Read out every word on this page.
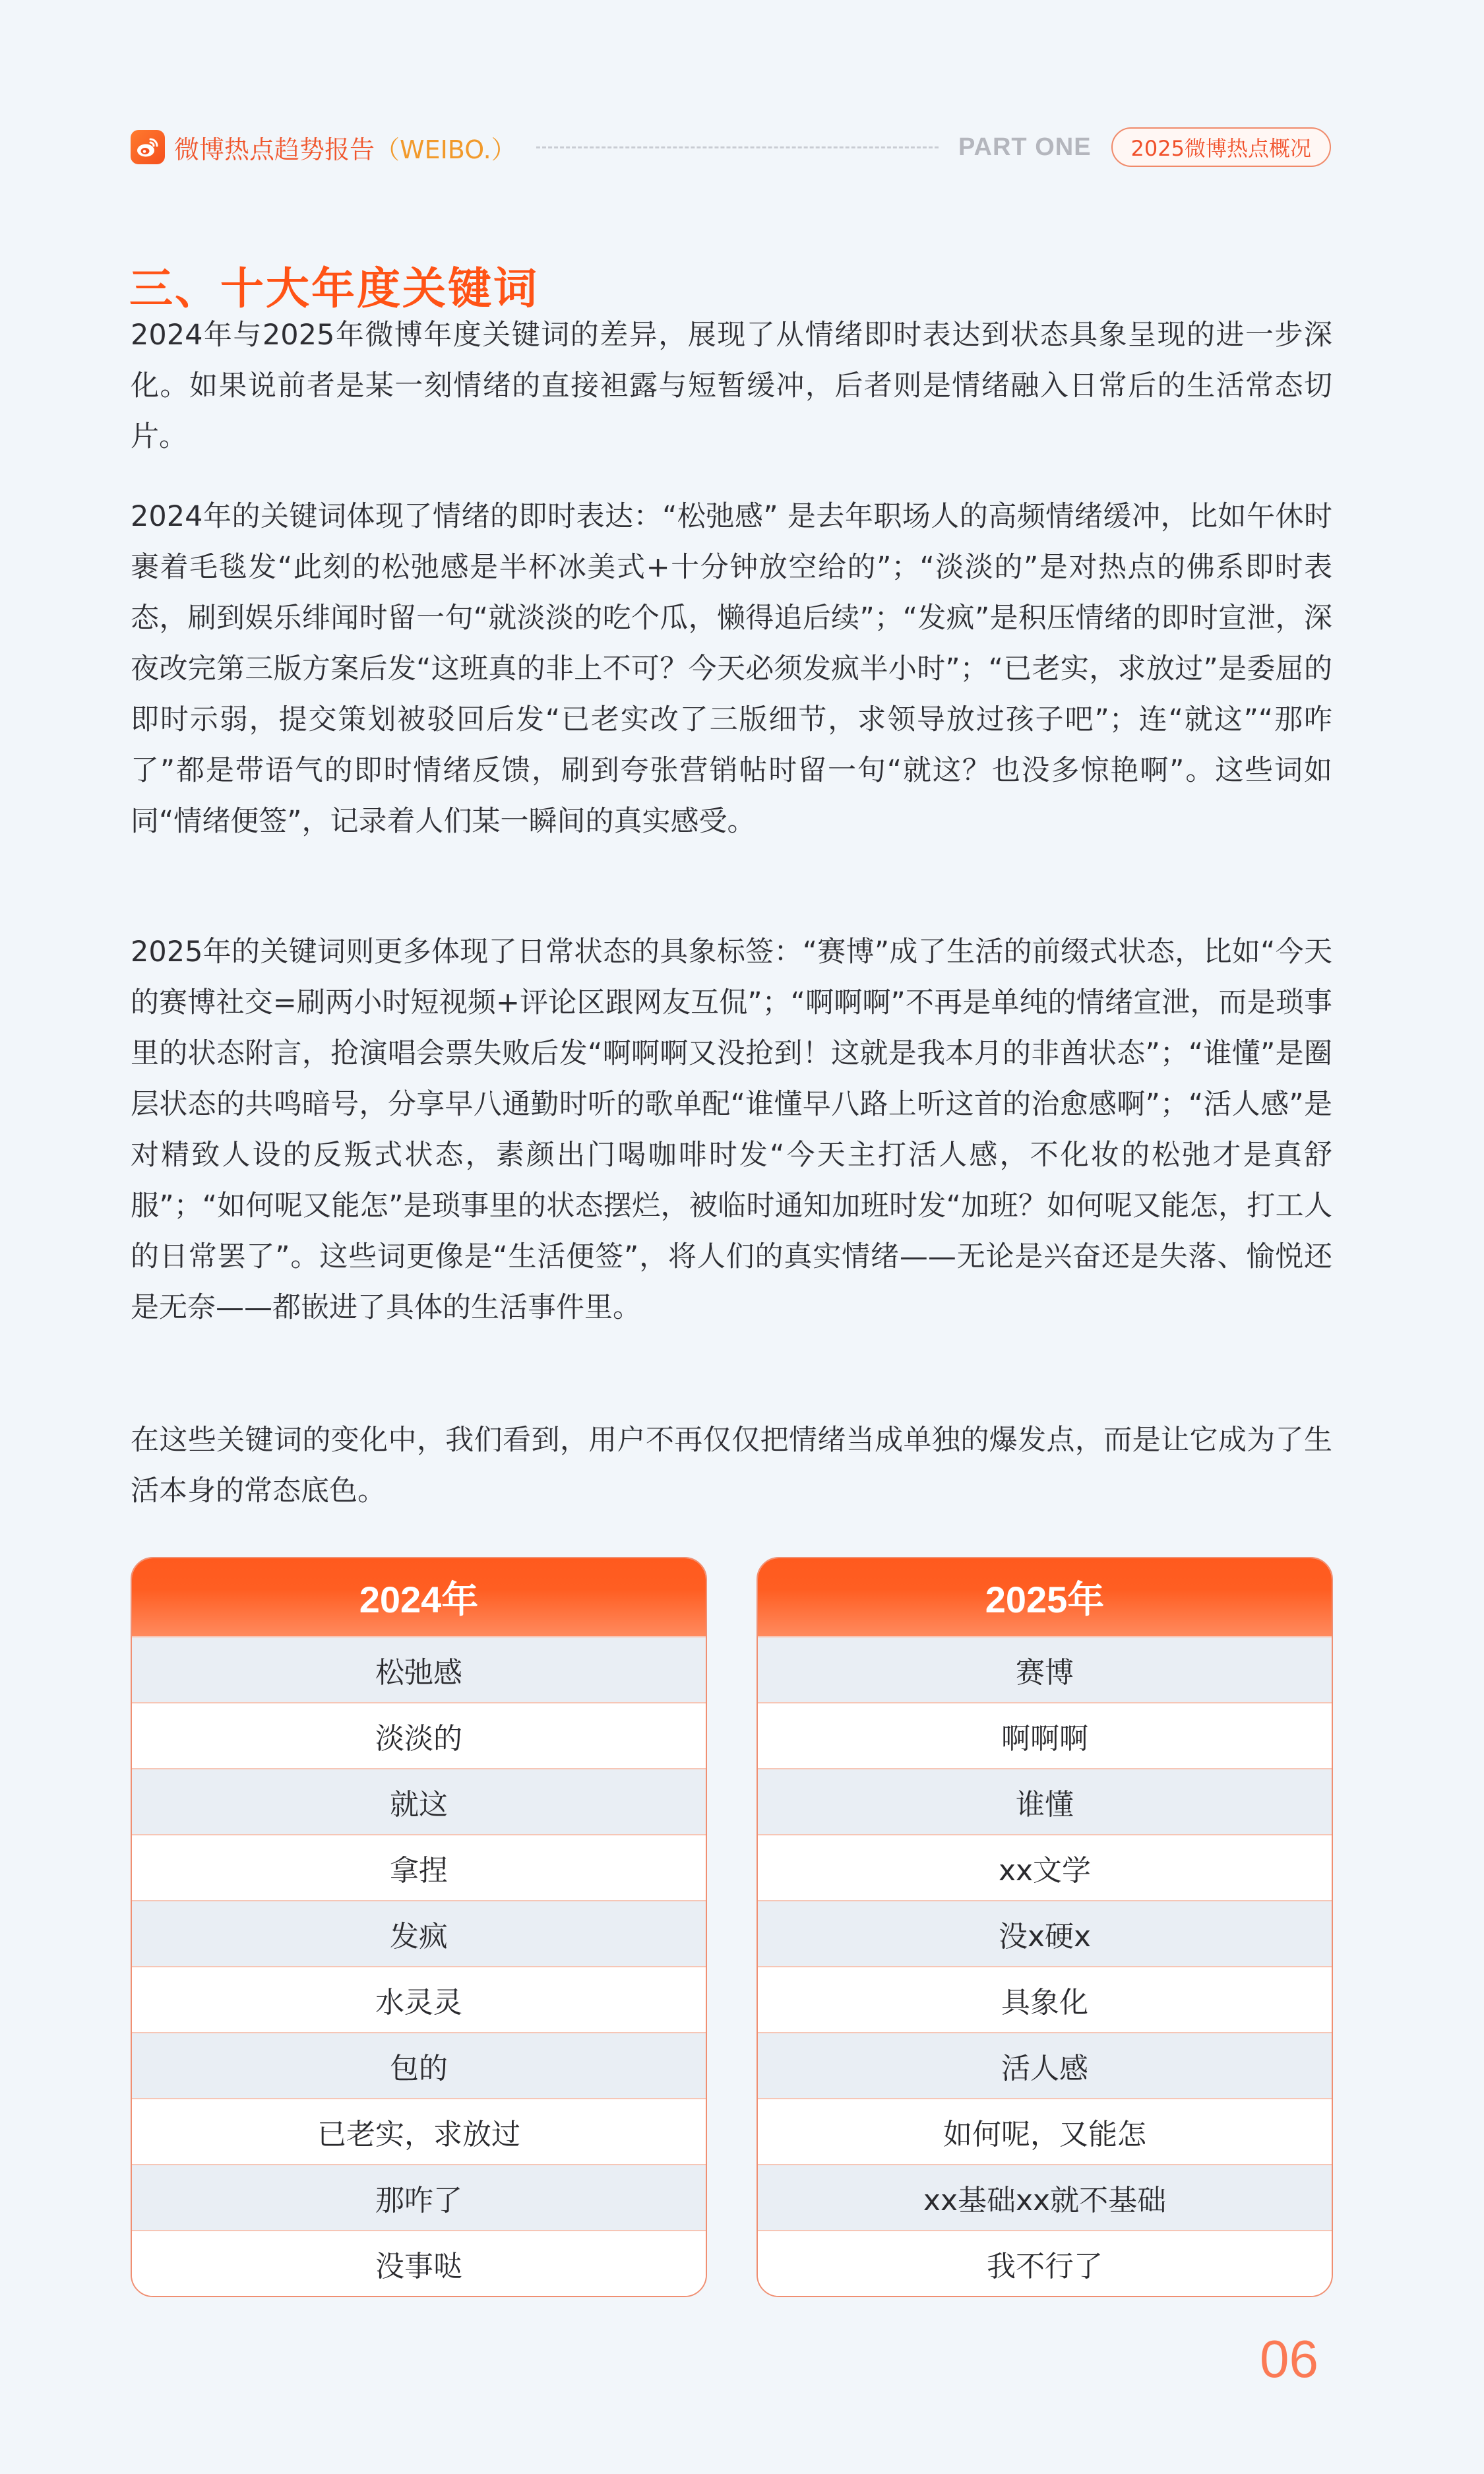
微博热点趋势报告（WEIBO.）	PART ONE	2025微博热点概况
三、十大年度关键词

2024年与2025年微博年度关键词的差异，展现了从情绪即时表达到状态具象呈现的进一步深化。如果说前者是某一刻情绪的直接袒露与短暂缓冲，后者则是情绪融入日常后的生活常态切片。

2024年的关键词体现了情绪的即时表达：“松弛感” 是去年职场人的高频情绪缓冲，比如午休时裹着毛毯发“此刻的松弛感是半杯冰美式+十分钟放空给的”；“淡淡的”是对热点的佛系即时表态，刷到娱乐绯闻时留一句“就淡淡的吃个瓜，懒得追后续”；“发疯”是积压情绪的即时宣泄，深夜改完第三版方案后发“这班真的非上不可？今天必须发疯半小时”；“已老实，求放过”是委屈的即时示弱，提交策划被驳回后发“已老实改了三版细节，求领导放过孩子吧”；连“就这”“那咋了”都是带语气的即时情绪反馈，刷到夸张营销帖时留一句“就这？也没多惊艳啊”。这些词如同“情绪便签”，记录着人们某一瞬间的真实感受。

2025年的关键词则更多体现了日常状态的具象标签：“赛博”成了生活的前缀式状态，比如“今天的赛博社交=刷两小时短视频+评论区跟网友互侃”；“啊啊啊”不再是单纯的情绪宣泄，而是琐事里的状态附言，抢演唱会票失败后发“啊啊啊又没抢到！这就是我本月的非酋状态”；“谁懂”是圈层状态的共鸣暗号，分享早八通勤时听的歌单配“谁懂早八路上听这首的治愈感啊”；“活人感”是对精致人设的反叛式状态，素颜出门喝咖啡时发“今天主打活人感，不化妆的松弛才是真舒服”；“如何呢又能怎”是琐事里的状态摆烂，被临时通知加班时发“加班？如何呢又能怎，打工人的日常罢了”。这些词更像是“生活便签”，将人们的真实情绪——无论是兴奋还是失落、愉悦还是无奈——都嵌进了具体的生活事件里。

在这些关键词的变化中，我们看到，用户不再仅仅把情绪当成单独的爆发点，而是让它成为了生活本身的常态底色。

2024年
松弛感
淡淡的
就这
拿捏
发疯
水灵灵
包的
已老实，求放过
那咋了
没事哒
2025年
赛博
啊啊啊
谁懂
xx文学
没x硬x
具象化
活人感
如何呢，又能怎
xx基础xx就不基础
我不行了
06
